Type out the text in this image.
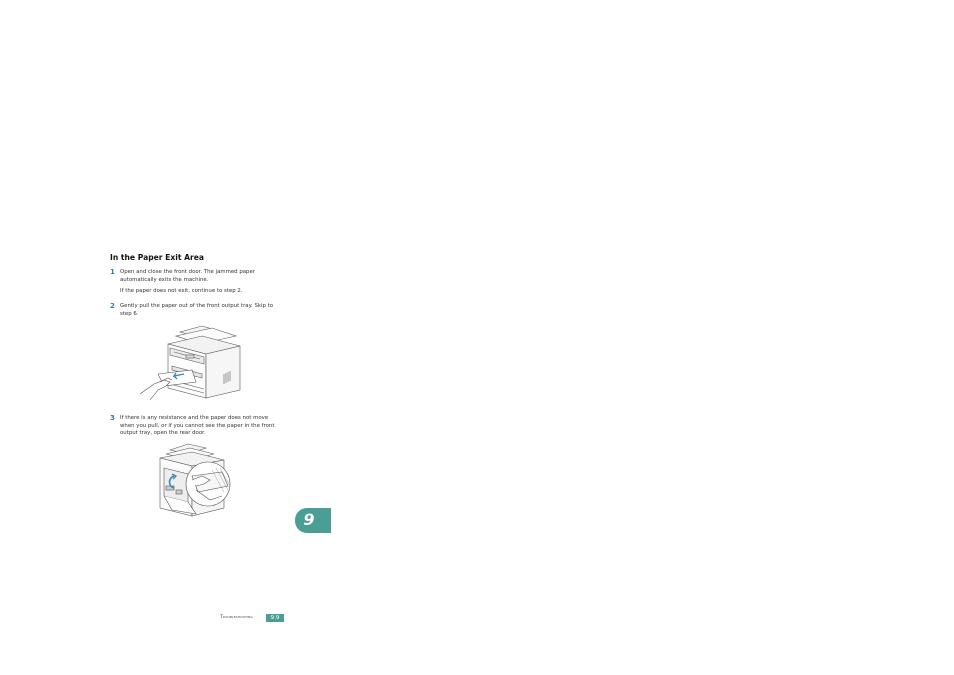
In the Paper Exit Area
1 Open and close the front door. The jammed paper
automatically exits the machine.
If the paper does not exit, continue to step 2.
2 Gently pull the paper out of the front output tray. Skip to
step 6.
3 If there is any resistance and the paper does not move
when you pull, or if you cannot see the paper in the front
output tray, open the rear door.
9
Troubleshooting	9.9
